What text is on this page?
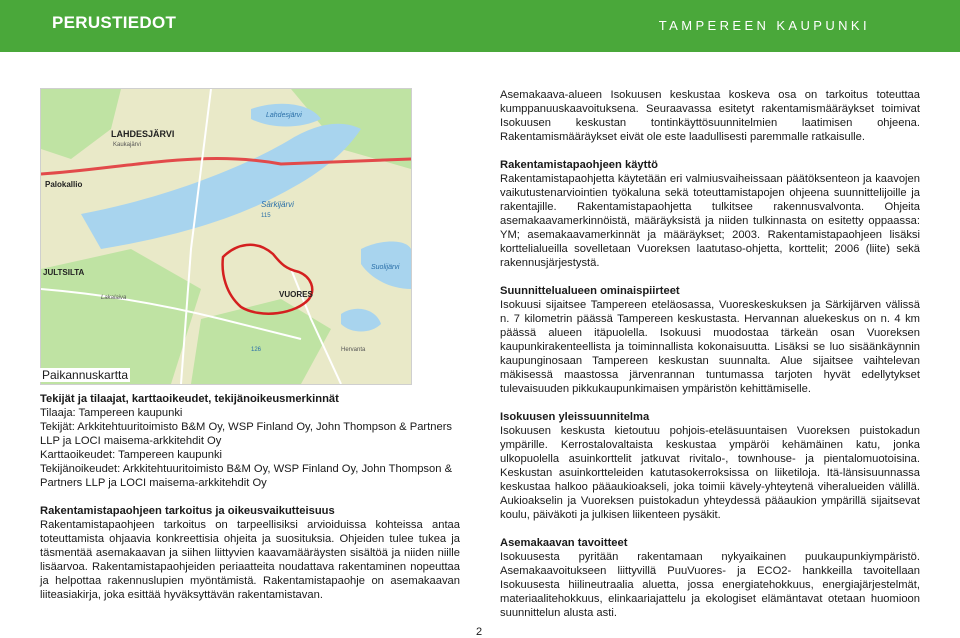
PERUSTIEDOT	TAMPEREEN KAUPUNKI
LAHDESJÄRVI
Kaukajärvi
Lahdesjärvi
Palokallio
Särkijärvi
115
VUORES
Suolijärvi
JULTSILTA
Lakalaiva
126	Hervanta
Paikannuskartta
Tekijät ja tilaajat, karttaoikeudet, tekijänoikeusmerkinnät

Tilaaja: Tampereen kaupunki

Tekijät: Arkkitehtuuritoimisto B&M Oy, WSP Finland Oy, John Thompson & Partners LLP ja LOCI maisema-arkkitehdit Oy

Karttaoikeudet: Tampereen kaupunki

Tekijänoikeudet: Arkkitehtuuritoimisto B&M Oy, WSP Finland Oy, John Thompson & Partners LLP ja LOCI maisema-arkkitehdit Oy

Rakentamistapaohjeen tarkoitus ja oikeusvaikutteisuus

Rakentamistapaohjeen tarkoitus on tarpeellisiksi arvioiduissa kohteissa antaa toteuttamista ohjaavia konkreettisia ohjeita ja suosituksia. Ohjeiden tulee tukea ja täsmentää asemakaavan ja siihen liittyvien kaavamääräysten sisältöä ja niiden niille lisäarvoa. Rakentamistapaohjeiden periaatteita noudattava rakentaminen nopeuttaa ja helpottaa rakennuslupien myöntämistä. Rakentamistapaohje on asemakaavan liiteasiakirja, joka esittää hyväksyttävän rakentamistavan.

Asemakaava-alueen Isokuusen keskustaa koskeva osa on tarkoitus toteuttaa kumppanuuskaavoituksena. Seuraavassa esitetyt rakentamismääräykset toimivat Isokuusen keskustan tontinkäyttösuunnitelmien laatimisen ohjeena. Rakentamismääräykset eivät ole este laadullisesti paremmalle ratkaisulle.

Rakentamistapaohjeen käyttö

Rakentamistapaohjetta käytetään eri valmiusvaiheissaan päätöksenteon ja kaavojen vaikutustenarviointien työkaluna sekä toteuttamistapojen ohjeena suunnittelijoille ja rakentajille. Rakentamistapaohjetta tulkitsee rakennusvalvonta. Ohjeita asemakaavamerkinnöistä, määräyksistä ja niiden tulkinnasta on esitetty oppaassa: YM; asemakaavamerkinnät ja määräykset; 2003. Rakentamistapaohjeen lisäksi korttelialueilla sovelletaan Vuoreksen laatutaso-ohjetta, korttelit; 2006 (liite) sekä rakennusjärjestystä.

Suunnittelualueen ominaispiirteet

Isokuusi sijaitsee Tampereen eteläosassa, Vuoreskeskuksen ja Särkijärven välissä n. 7 kilometrin päässä Tampereen keskustasta. Hervannan aluekeskus on n. 4 km päässä alueen itäpuolella. Isokuusi muodostaa tärkeän osan Vuoreksen kaupunkirakenteellista ja toiminnallista kokonaisuutta. Lisäksi se luo sisäänkäynnin kaupunginosaan Tampereen keskustan suunnalta. Alue sijaitsee vaihtelevan mäkisessä maastossa järvenrannan tuntumassa tarjoten hyvät edellytykset tulevaisuuden pikkukaupunkimaisen ympäristön kehittämiselle.

Isokuusen yleissuunnitelma

Isokuusen keskusta kietoutuu pohjois-eteläsuuntaisen Vuoreksen puistokadun ympärille. Kerrostalovaltaista keskustaa ympäröi kehämäinen katu, jonka ulkopuolella asuinkorttelit jatkuvat rivitalo-, townhouse- ja pientalomuotoisina. Keskustan asuinkortteleiden katutasokerroksissa on liiketiloja. Itä-länsisuunnassa keskustaa halkoo pääaukioakseli, joka toimii kävely-yhteytenä viheralueiden välillä. Aukioakselin ja Vuoreksen puistokadun yhteydessä pääaukion ympärillä sijaitsevat koulu, päiväkoti ja julkisen liikenteen pysäkit.

Asemakaavan tavoitteet

Isokuusesta pyritään rakentamaan nykyaikainen puukaupunkiympäristö. Asemakaavoitukseen liittyvillä PuuVuores- ja ECO2- hankkeilla tavoitellaan Isokuusesta hiilineutraalia aluetta, jossa energiatehokkuus, energiajärjestelmät, materiaalitehokkuus, elinkaariajattelu ja ekologiset elämäntavat otetaan huomioon suunnittelun alusta asti.

2
